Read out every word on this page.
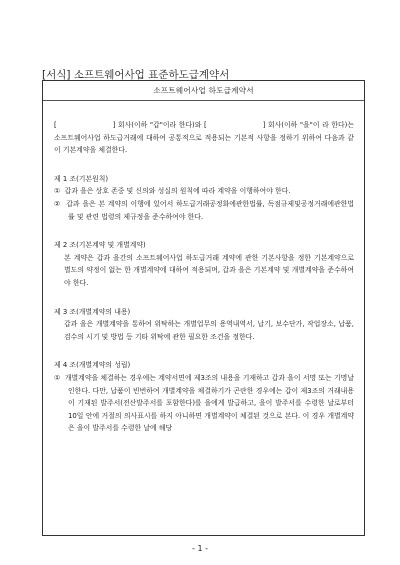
[서식] 소프트웨어사업 표준하도급계약서
소프트웨어사업 하도급계약서

[	] 회사(이하 "갑"이라 한다)와 [	] 회사(이하 "을"이 라 한다)는 소프트웨어사업 하도급거래에 대하여 공통적으로 적용되는 기본적 사항을 정하기 위하여 다음과 같이 기본계약을 체결한다.

제 1 조(기본원칙)

① 갑과 을은 상호 존중 및 신의와 성실의 원칙에 따라 계약을 이행하여야 한다.

② 갑과 을은 본 계약의 이행에 있어서 하도급거래공정화에관한법률, 독점규제및공정거래에관한법률 및 관련 법령의 제규정을 준수하여야 한다.

제 2 조(기본계약 및 개별계약)

본 계약은 갑과 을간의 소프트웨어사업 하도급거래 계약에 관한 기본사항을 정한 기본계약으로 별도의 약정이 없는 한 개별계약에 대하여 적용되며, 갑과 을은 기본계약 및 개별계약을 준수하여야 한다.

제 3 조(개별계약의 내용)

갑과 을은 개별계약을 통하여 위탁하는 개별업무의 용역내역서, 납기, 보수단가, 작업장소, 납품, 검수의 시기 및 방법 등 기타 위탁에 관한 필요한 조건을 정한다.

제 4 조(개별계약의 성립)

① 개별계약을 체결하는 경우에는 계약서면에 제3조의 내용을 기재하고 갑과 을이 서명 또는 기명날인한다. 다만, 납품이 빈번하여 개별계약을 체결하기가 곤란한 경우에는 갑이 제3조의 거래내용이 기재된 발주서(전산발주서를 포함한다)를 을에게 발급하고, 을이 발주서를 수령한 날로부터 10일 안에 거절의 의사표시를 하지 아니하면 개별계약이 체결된 것으로 본다. 이 경우 개별계약은 을이 발주서를 수령한 날에 해당

- 1 -
